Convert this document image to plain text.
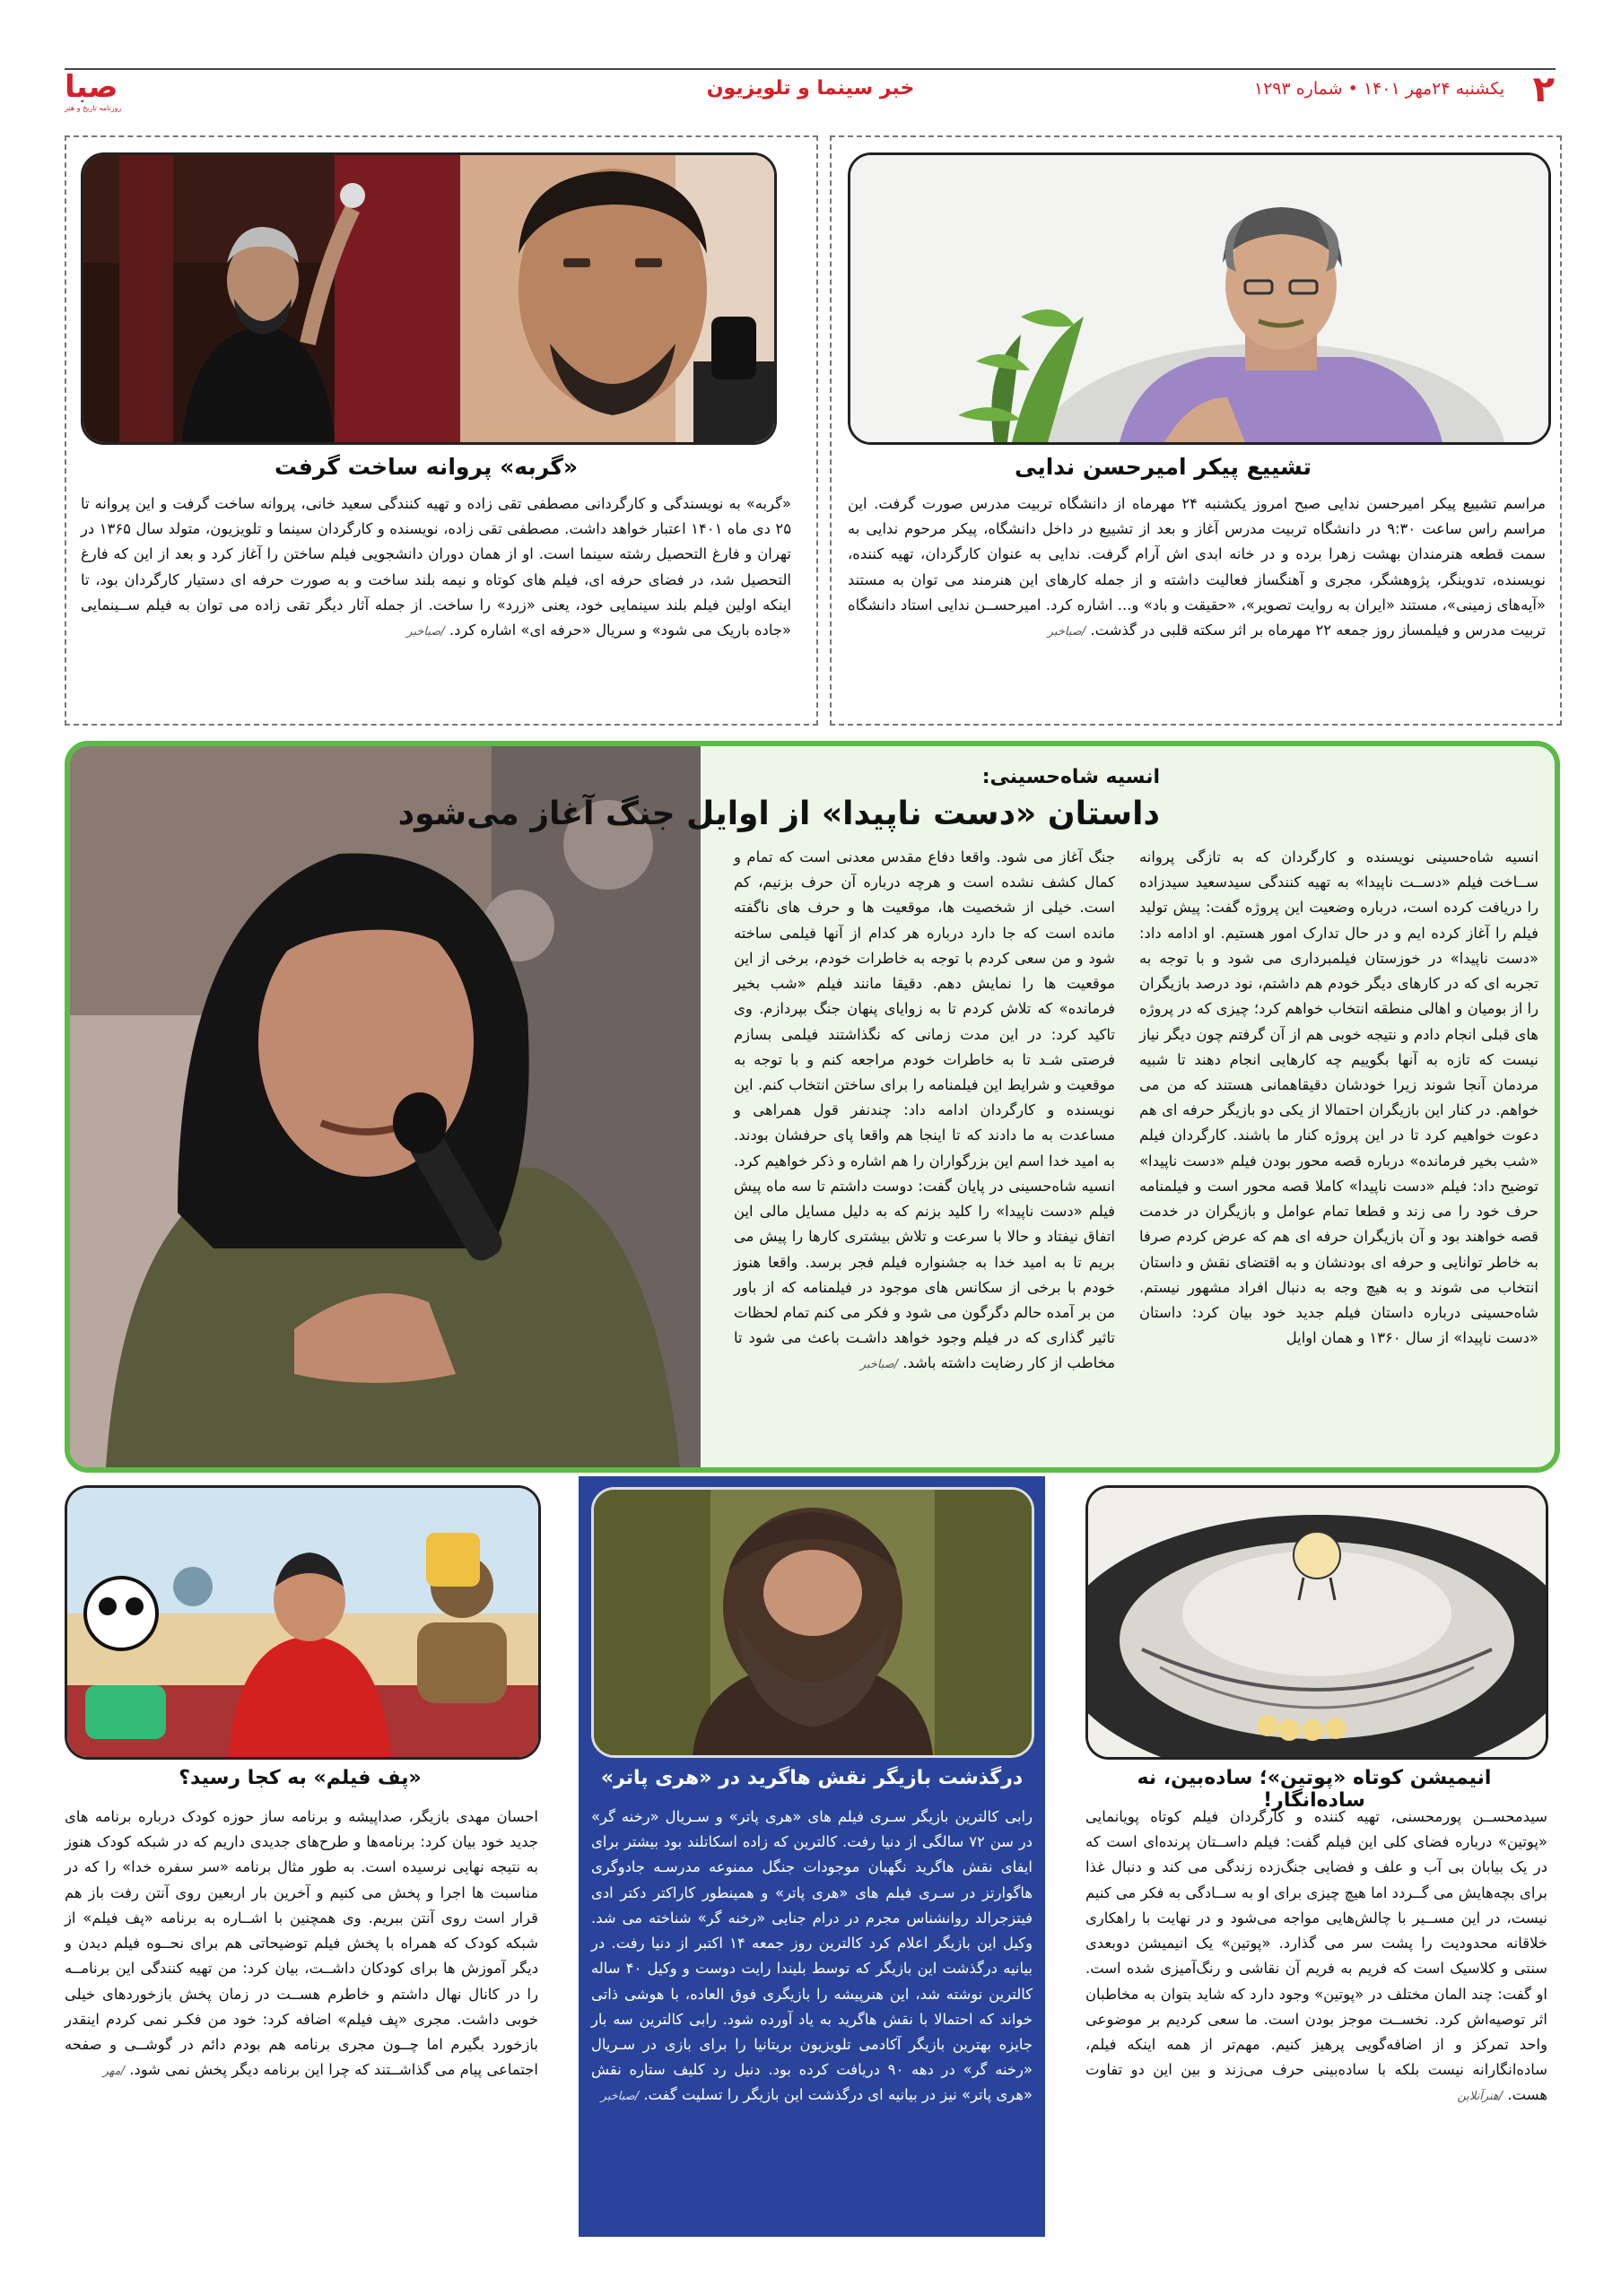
۲
یکشنبه ۲۴مهر ۱۴۰۱ • شماره ۱۲۹۳
خبر سینما و تلویزیون
صبا
روزنامه تاریخ و هنر
تشییع پیکر امیرحسن ندایی
مراسم تشییع پیکر امیرحسن ندایی صبح امروز یکشنبه ۲۴ مهرماه از دانشگاه تربیت مدرس صورت گرفت. این مراسم راس ساعت ۹:۳۰ در دانشگاه تربیت مدرس آغاز و بعد از تشییع در داخل دانشگاه، پیکر مرحوم ندایی به سمت قطعه هنرمندان بهشت زهرا برده و در خانه ابدی اش آرام گرفت. ندایی به عنوان کارگردان، تهیه کننده، نویسنده، تدوینگر، پژوهشگر، مجری و آهنگساز فعالیت داشته و از جمله کارهای این هنرمند می توان به مستند «آیه‌های زمینی»، مستند «ایران به روایت تصویر»، «حقیقت و باد» و... اشاره کرد. امیرحســن ندایی استاد دانشگاه تربیت مدرس و فیلمساز روز جمعه ۲۲ مهرماه بر اثر سکته قلبی در گذشت. /صباخبر
«گربه» پروانه ساخت گرفت
«گربه» به نویسندگی و کارگردانی مصطفی تقی زاده و تهیه کنندگی سعید خانی، پروانه ساخت گرفت و این پروانه تا ۲۵ دی ماه ۱۴۰۱ اعتبار خواهد داشت. مصطفی تقی زاده، نویسنده و کارگردان سینما و تلویزیون، متولد سال ۱۳۶۵ در تهران و فارغ التحصیل رشته سینما است. او از همان دوران دانشجویی فیلم ساختن را آغاز کرد و بعد از این که فارغ التحصیل شد، در فضای حرفه ای، فیلم های کوتاه و نیمه بلند ساخت و به صورت حرفه ای دستیار کارگردان بود، تا اینکه اولین فیلم بلند سینمایی خود، یعنی «زرد» را ساخت. از جمله آثار دیگر تقی زاده می توان به فیلم ســینمایی «جاده باریک می شود» و سریال «حرفه ای» اشاره کرد. /صباخبر
انسیه شاه‌حسینی:
داستان «دست ناپیدا» از اوایل جنگ آغاز می‌شود
انسیه شاه‌حسینی نویسنده و کارگردان که به تازگی پروانه ســاخت فیلم «دســت ناپیدا» به تهیه کنندگی سیدسعید سیدزاده را دریافت کرده است، درباره وضعیت این پروژه گفت: پیش تولید فیلم را آغاز کرده ایم و در حال تدارک امور هستیم. او ادامه داد: «دست ناپیدا» در خوزستان فیلمبرداری می شود و با توجه به تجربه ای که در کارهای دیگر خودم هم داشتم، نود درصد بازیگران را از بومیان و اهالی منطقه انتخاب خواهم کرد؛ چیزی که در پروژه های قبلی انجام دادم و نتیجه خوبی هم از آن گرفتم چون دیگر نیاز نیست که تازه به آنها بگوییم چه کارهایی انجام دهند تا شبیه مردمان آنجا شوند زیرا خودشان دقیقاهمانی هستند که من می خواهم. در کنار این بازیگران احتمالا از یکی دو بازیگر حرفه ای هم دعوت خواهیم کرد تا در این پروژه کنار ما باشند. کارگردان فیلم «شب بخیر فرمانده» درباره قصه محور بودن فیلم «دست ناپیدا» توضیح داد: فیلم «دست ناپیدا» کاملا قصه محور است و فیلمنامه حرف خود را می زند و قطعا تمام عوامل و بازیگران در خدمت قصه خواهند بود و آن بازیگران حرفه ای هم که عرض کردم صرفا به خاطر توانایی و حرفه ای بودنشان و به اقتضای نقش و داستان انتخاب می شوند و به هیچ وجه به دنبال افراد مشهور نیستم. شاه‌حسینی درباره داستان فیلم جدید خود بیان کرد: داستان «دست ناپیدا» از سال ۱۳۶۰ و همان اوایل
جنگ آغاز می شود. واقعا دفاع مقدس معدنی است که تمام و کمال کشف نشده است و هرچه درباره آن حرف بزنیم، کم است. خیلی از شخصیت ها، موقعیت ها و حرف های ناگفته مانده است که جا دارد درباره هر کدام از آنها فیلمی ساخته شود و من سعی کردم با توجه به خاطرات خودم، برخی از این موقعیت ها را نمایش دهم. دقیقا مانند فیلم «شب بخیر فرمانده» که تلاش کردم تا به زوایای پنهان جنگ بپردازم. وی تاکید کرد: در این مدت زمانی که نگذاشتند فیلمی بسازم فرصتی شـد تا به خاطرات خودم مراجعه کنم و با توجه به موقعیت و شرایط این فیلمنامه را برای ساختن انتخاب کنم. این نویسنده و کارگردان ادامه داد: چندنفر قول همراهی و مساعدت به ما دادند که تا اینجا هم واقعا پای حرفشان بودند. به امید خدا اسم این بزرگواران را هم اشاره و ذکر خواهیم کرد. انسیه شاه‌حسینی در پایان گفت: دوست داشتم تا سه ماه پیش فیلم «دست ناپیدا» را کلید بزنم که به دلیل مسایل مالی این اتفاق نیفتاد و حالا با سرعت و تلاش بیشتری کارها را پیش می بریم تا به امید خدا به جشنواره فیلم فجر برسد. واقعا هنوز خودم با برخی از سکانس های موجود در فیلمنامه که از باور من بر آمده حالم دگرگون می شود و فکر می کنم تمام لحظات تاثیر گذاری که در فیلم وجود خواهد داشـت باعث می شود تا مخاطب از کار رضایت داشته باشد. /صباخبر
انیمیشن کوتاه «پوتین»؛ ساده‌بین، نه ساده‌انگار!
سیدمحســن پورمحسنی، تهیه کننده و کارگردان فیلم کوتاه پویانمایی «پوتین» درباره فضای کلی این فیلم گفت: فیلم داســتان پرنده‌ای است که در یک بیابان بی آب و علف و فضایی جنگ‌زده زندگی می کند و دنبال غذا برای بچه‌هایش می گــردد اما هیچ چیزی برای او به ســادگی به فکر می کنیم نیست، در این مســیر با چالش‌هایی مواجه می‌شود و در نهایت با راهکاری خلاقانه محدودیت را پشت سر می گذارد. «پوتین» یک انیمیشن دوبعدی سنتی و کلاسیک است که فریم به فریم آن نقاشی و رنگ‌آمیزی شده است. او گفت: چند المان مختلف در «پوتین» وجود دارد که شاید بتوان به مخاطبان اثر توصیه‌اش کرد. نخســت موجز بودن است. ما سعی کردیم بر موضوعی واحد تمرکز و از اضافه‌گویی پرهیز کنیم. مهم‌تر از همه اینکه فیلم، ساده‌انگارانه نیست بلکه با ساده‌بینی حرف می‌زند و بین این دو تفاوت هست. /هنرآنلاین
درگذشت بازیگر نقش هاگرید در «هری پاتر»
رابی کالترین بازیگر سـری فیلم های «هری پاتر» و سـریال «رخنه گر» در سن ۷۲ سالگی از دنیا رفت. کالترین که زاده اسکاتلند بود بیشتر برای ایفای نقش هاگرید نگهبان موجودات جنگل ممنوعه مدرسـه جادوگری هاگوارتز در سـری فیلم های «هری پاتر» و همینطور کاراکتر دکتر ادی فیتزجرالد روانشناس مجرم در درام جنایی «رخنه گر» شناخته می شد. وکیل این بازیگر اعلام کرد کالترین روز جمعه ۱۴ اکتبر از دنیا رفت. در بیانیه درگذشت این بازیگر که توسط بلیندا رایت دوست و وکیل ۴۰ ساله کالترین نوشته شد، این هنرپیشه را بازیگری فوق العاده، با هوشی ذاتی خواند که احتمالا با نقش هاگرید به یاد آورده شود. رابی کالترین سه بار جایزه بهترین بازیگر آکادمی تلویزیون بریتانیا را برای بازی در سـریال «رخنه گر» در دهه ۹۰ دریافت کرده بود. دنیل رد کلیف ستاره نقش «هری پاتر» نیز در بیانیه ای درگذشت این بازیگر را تسلیت گفت. /صباخبر
«پف فیلم» به کجا رسید؟
احسان مهدی بازیگر، صداپیشه و برنامه ساز حوزه کودک درباره برنامه های جدید خود بیان کرد: برنامه‌ها و طرح‌های جدیدی داریم که در شبکه کودک هنوز به نتیجه نهایی نرسیده است. به طور مثال برنامه «سر سفره خدا» را که در مناسبت ها اجرا و پخش می کنیم و آخرین بار اربعین روی آنتن رفت باز هم قرار است روی آنتن ببریم. وی همچنین با اشــاره به برنامه «پف فیلم» از شبکه کودک که همراه با پخش فیلم توضیحاتی هم برای نحــوه فیلم دیدن و دیگر آموزش ها برای کودکان داشــت، بیان کرد: من تهیه کنندگی این برنامــه را در کانال نهال داشتم و خاطرم هســت در زمان پخش بازخوردهای خیلی خوبی داشت. مجری «پف فیلم» اضافه کرد: خود من فکـر نمی کردم اینقدر بازخورد بگیرم اما چــون مجری برنامه هم بودم دائم در گوشــی و صفحه اجتماعی پیام می گذاشــتند که چرا این برنامه دیگر پخش نمی شود. /مهر
